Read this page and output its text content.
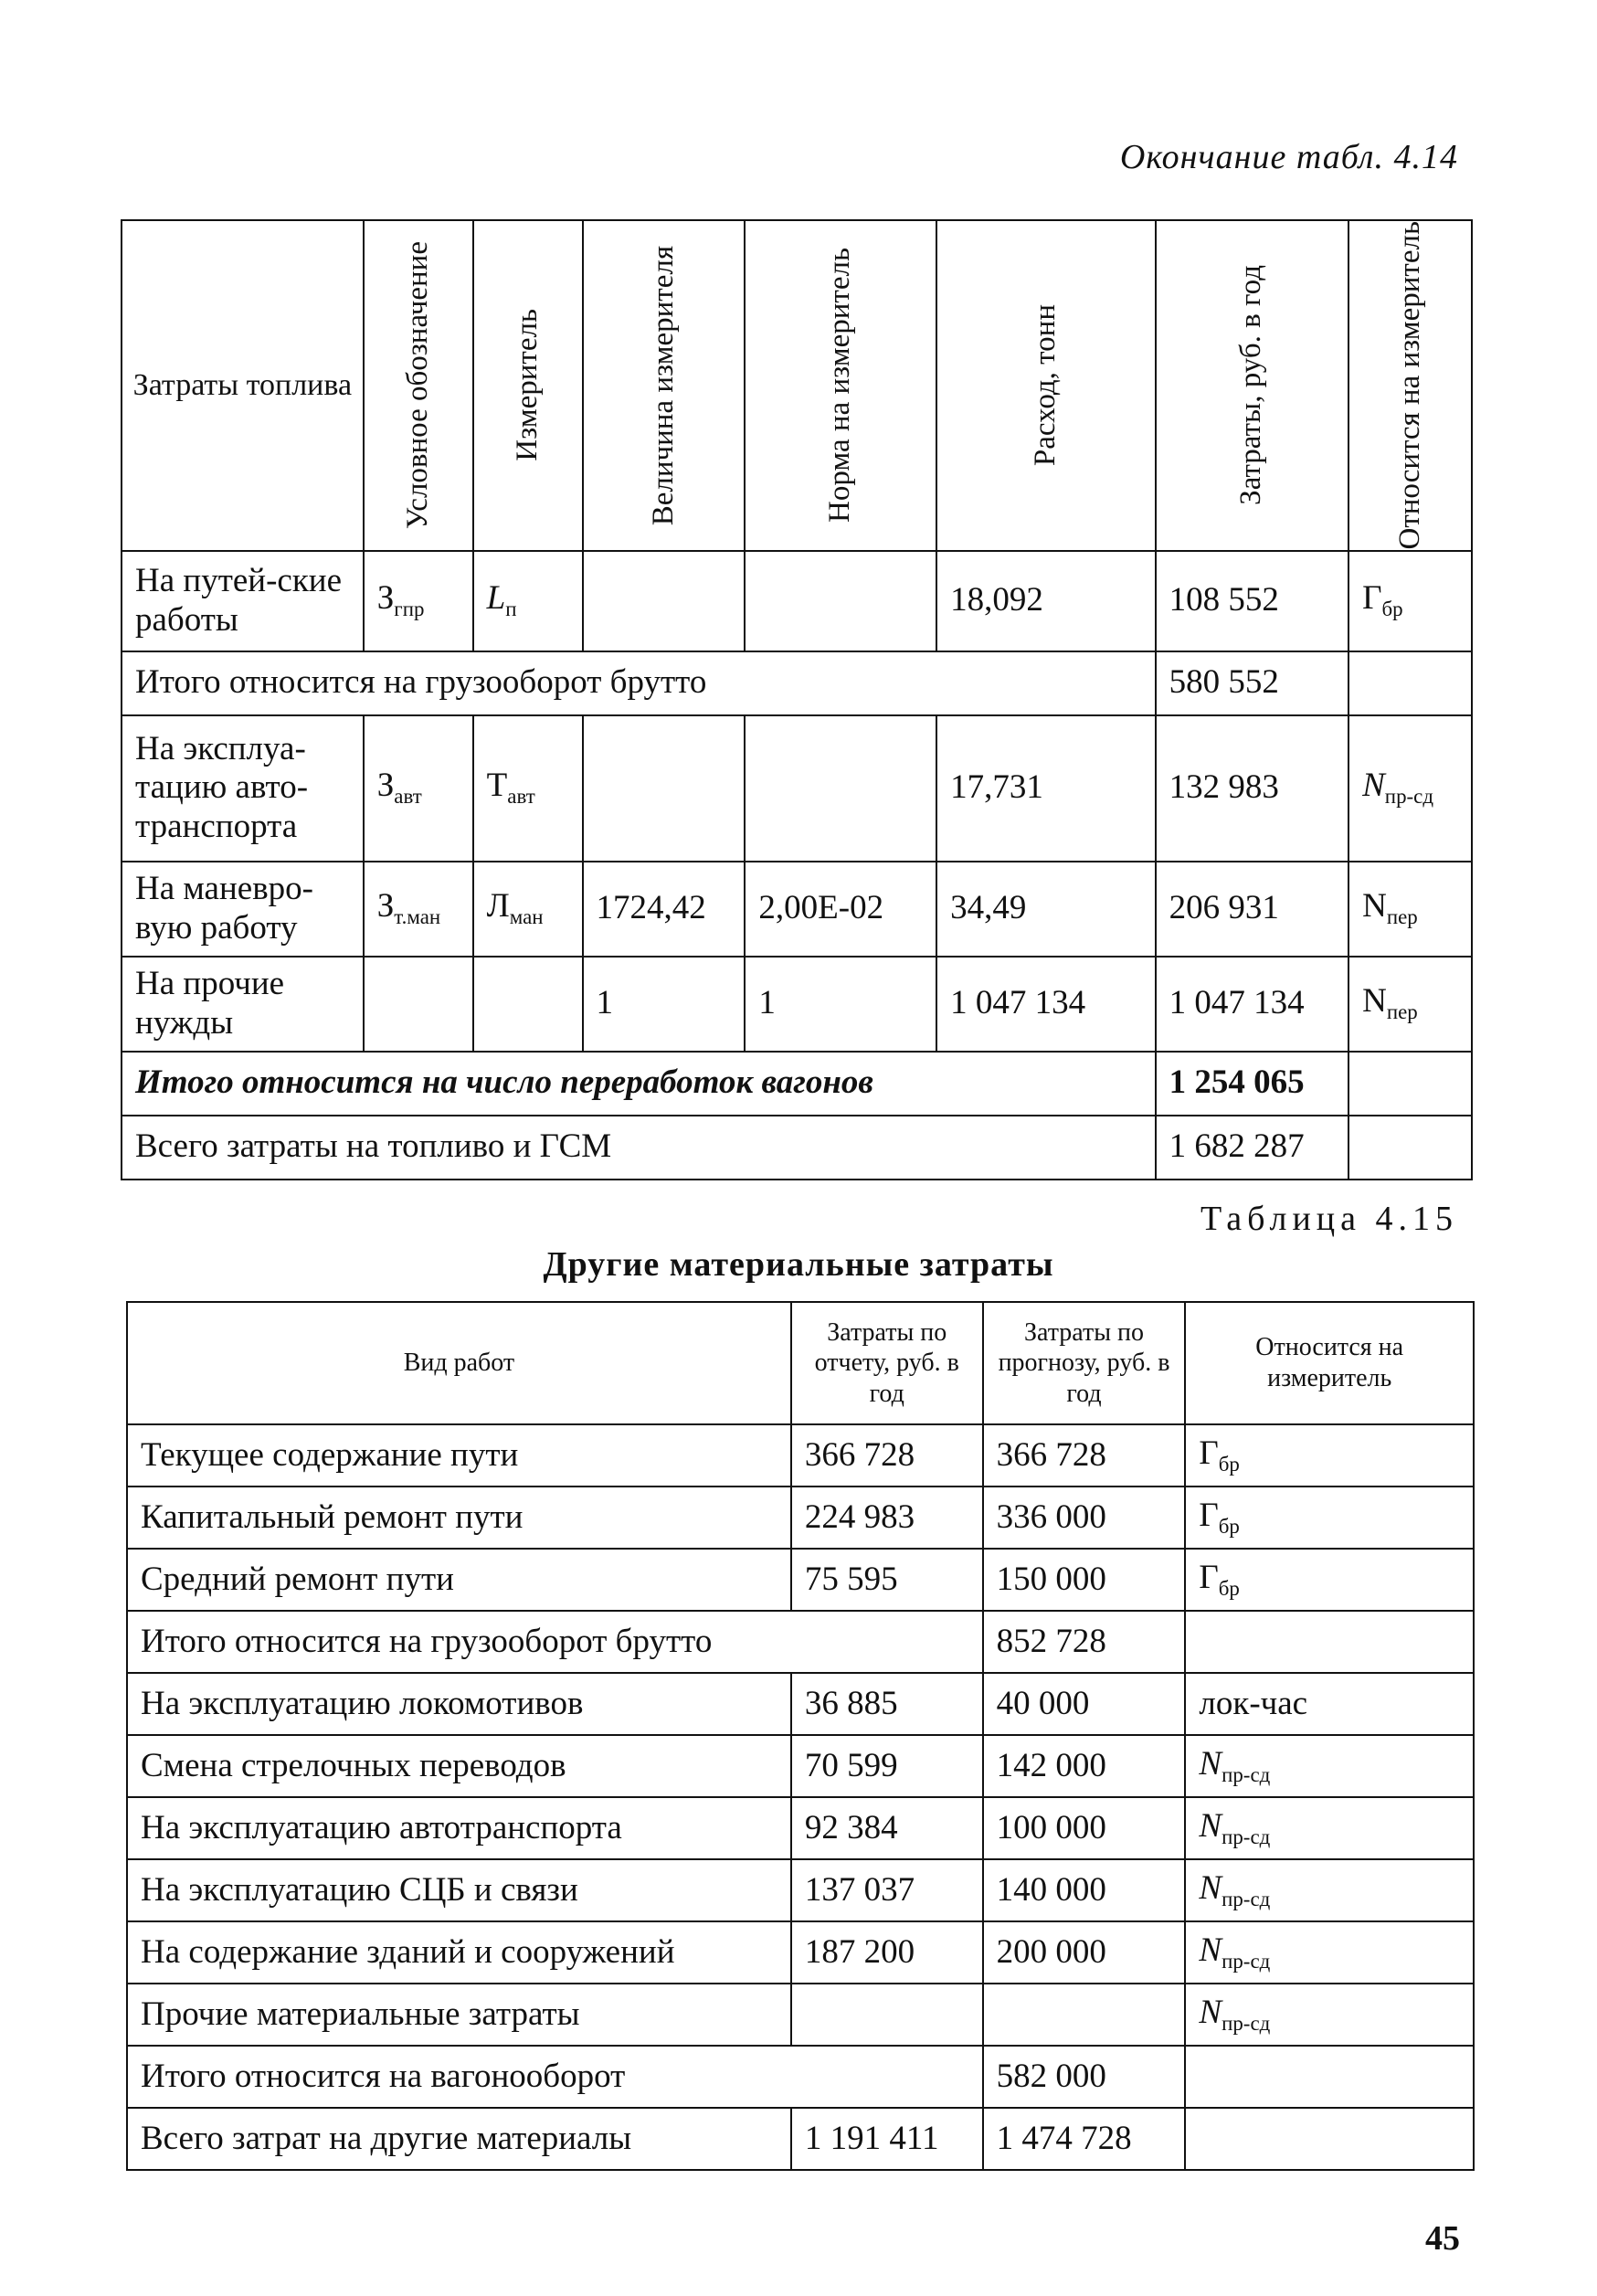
Окончание табл. 4.14
Затраты топлива	Условное обозначение	Измеритель	Величина измерителя	Норма на измеритель	Расход, тонн	Затраты, руб. в год	Относится на измеритель

На путей-ские работы	$З_{гпр}$	$L_п$			18,092	108 552	$Г_{бр}$
Итого относится на грузооборот брутто						580 552	
На эксплуа-тацию авто-транспорта	$З_{авт}$	$Т_{авт}$			17,731	132 983	$N_{пр-сд}$
На маневро-вую работу	$З_{т.ман}$	$Л_{ман}$	1724,42	2,00E-02	34,49	206 931	$N_{пер}$
На прочие нужды			1	1	1 047 134	1 047 134	$N_{пер}$
Итого относится на число переработок вагонов						1 254 065	
Всего затраты на топливо и ГСМ						1 682 287	
Таблица 4.15
Другие материальные затраты
Вид работ	Затраты по отчету, руб. в год	Затраты по прогнозу, руб. в год	Относится на измеритель
Текущее содержание пути	366 728	366 728	$Г_{бр}$
Капитальный ремонт пути	224 983	336 000	$Г_{бр}$
Средний ремонт пути	75 595	150 000	$Г_{бр}$
Итого относится на грузооборот брутто		852 728	
На эксплуатацию локомотивов	36 885	40 000	лок-час
Смена стрелочных переводов	70 599	142 000	$N_{пр-сд}$
На эксплуатацию автотранспорта	92 384	100 000	$N_{пр-сд}$
На эксплуатацию СЦБ и связи	137 037	140 000	$N_{пр-сд}$
На содержание зданий и сооружений	187 200	200 000	$N_{пр-сд}$
Прочие материальные затраты			$N_{пр-сд}$
Итого относится на вагонооборот		582 000	
Всего затрат на другие материалы	1 191 411	1 474 728	
45
